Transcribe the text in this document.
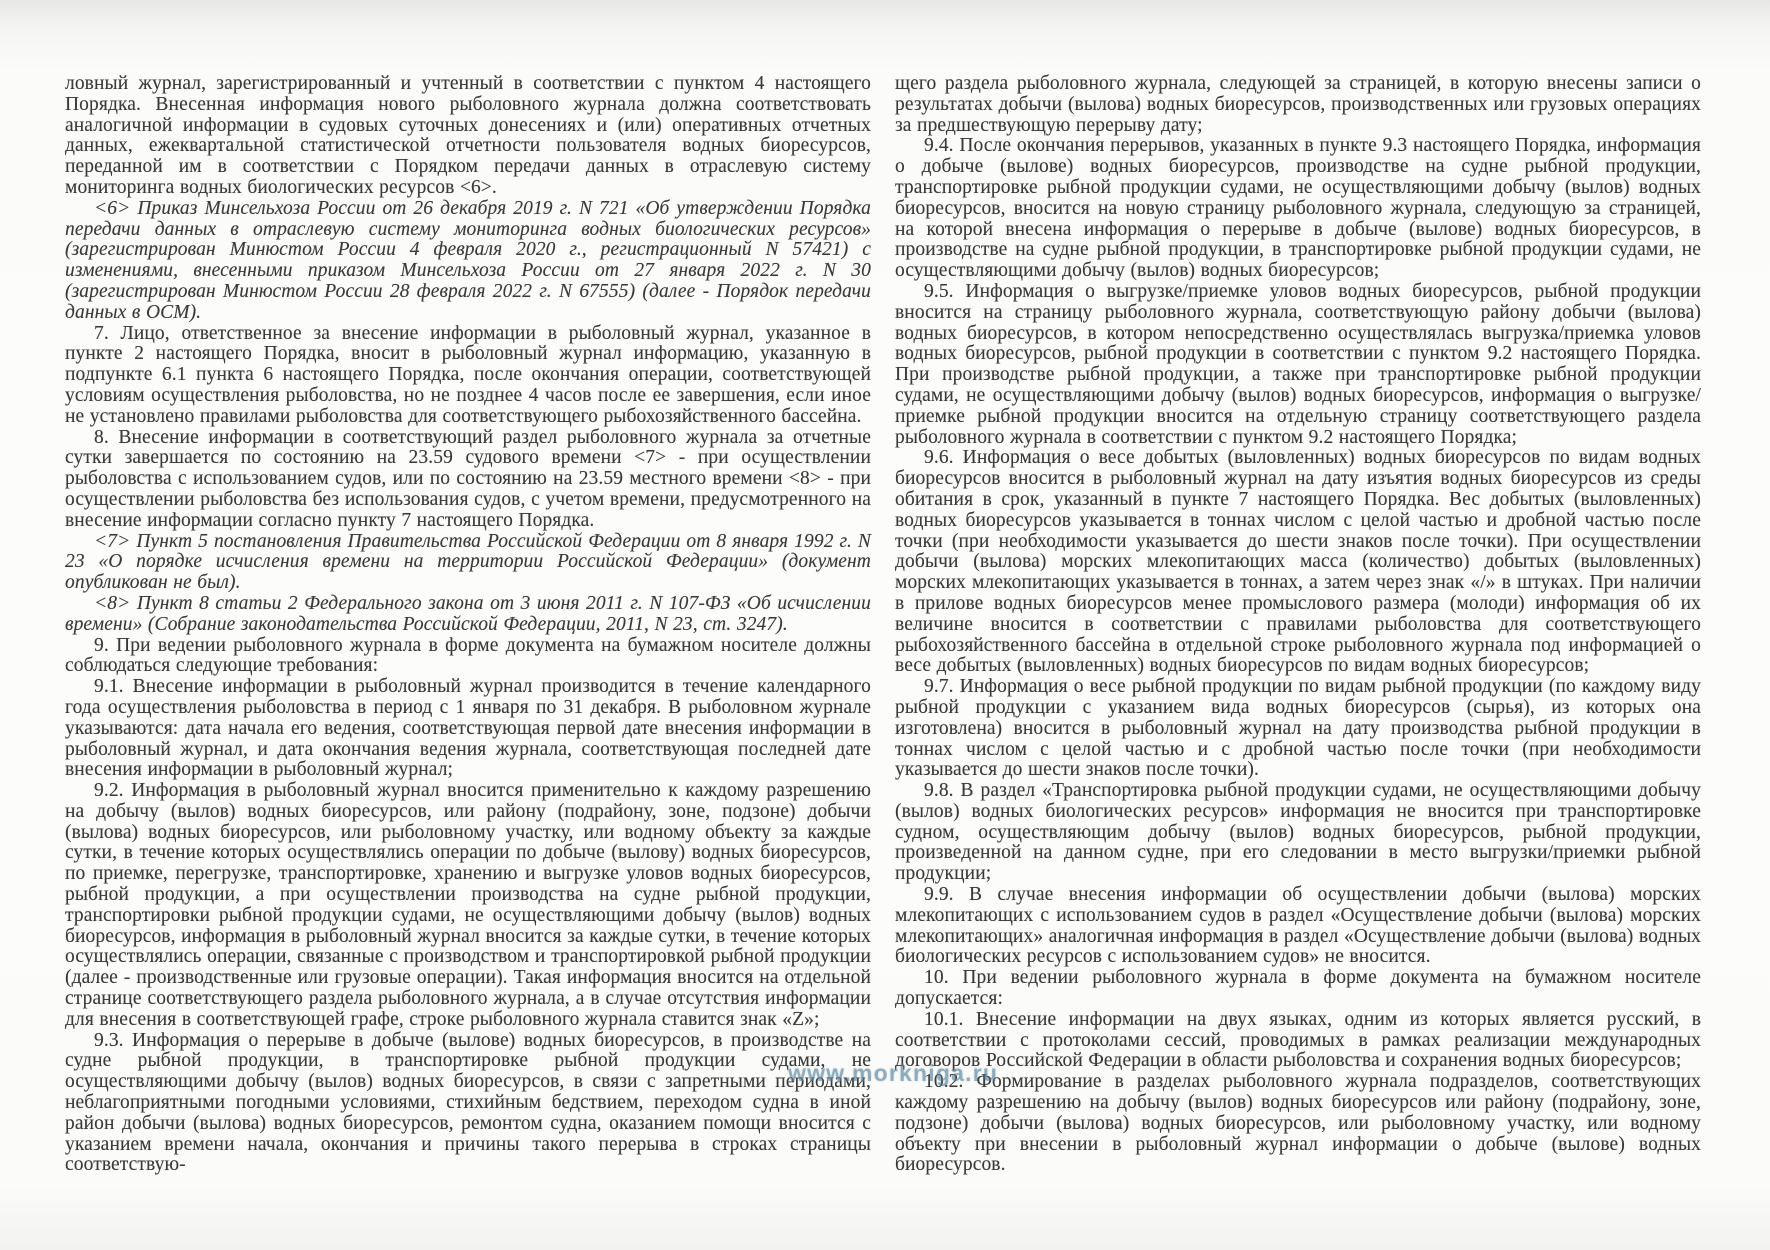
ловный журнал, зарегистрированный и учтенный в соответствии с пунктом 4 настоящего Порядка. Внесенная информация нового рыболовного журнала должна соответствовать аналогичной информации в судовых суточных донесениях и (или) оперативных отчетных данных, ежеквартальной статистической отчетности пользователя водных биоресурсов, переданной им в соответствии с Порядком передачи данных в отраслевую систему мониторинга водных биологических ресурсов <6>.

<6> Приказ Минсельхоза России от 26 декабря 2019 г. N 721 «Об утверждении Порядка передачи данных в отраслевую систему мониторинга водных биологических ресурсов» (зарегистрирован Минюстом России 4 февраля 2020 г., регистрационный N 57421) с изменениями, внесенными приказом Минсельхоза России от 27 января 2022 г. N 30 (зарегистрирован Минюстом России 28 февраля 2022 г. N 67555) (далее - Порядок передачи данных в ОСМ).

7. Лицо, ответственное за внесение информации в рыболовный журнал, указанное в пункте 2 настоящего Порядка, вносит в рыболовный журнал информацию, указанную в подпункте 6.1 пункта 6 настоящего Порядка, после окончания операции, соответствующей условиям осуществления рыболовства, но не позднее 4 часов после ее завершения, если иное не установлено правилами рыболовства для соответствующего рыбохозяйственного бассейна.

8. Внесение информации в соответствующий раздел рыболовного журнала за отчетные сутки завершается по состоянию на 23.59 судового времени <7> - при осуществлении рыболовства с использованием судов, или по состоянию на 23.59 местного времени <8> - при осуществлении рыболовства без использования судов, с учетом времени, предусмотренного на внесение информации согласно пункту 7 настоящего Порядка.

<7> Пункт 5 постановления Правительства Российской Федерации от 8 января 1992 г. N 23 «О порядке исчисления времени на территории Российской Федерации» (документ опубликован не был).

<8> Пункт 8 статьи 2 Федерального закона от 3 июня 2011 г. N 107-ФЗ «Об исчислении времени» (Собрание законодательства Российской Федерации, 2011, N 23, ст. 3247).

9. При ведении рыболовного журнала в форме документа на бумажном носителе должны соблюдаться следующие требования:

9.1. Внесение информации в рыболовный журнал производится в течение календарного года осуществления рыболовства в период с 1 января по 31 декабря. В рыболовном журнале указываются: дата начала его ведения, соответствующая первой дате внесения информации в рыболовный журнал, и дата окончания ведения журнала, соответствующая последней дате внесения информации в рыболовный журнал;

9.2. Информация в рыболовный журнал вносится применительно к каждому разрешению на добычу (вылов) водных биоресурсов, или району (подрайону, зоне, подзоне) добычи (вылова) водных биоресурсов, или рыболовному участку, или водному объекту за каждые сутки, в течение которых осуществлялись операции по добыче (вылову) водных биоресурсов, по приемке, перегрузке, транспортировке, хранению и выгрузке уловов водных биоресурсов, рыбной продукции, а при осуществлении производства на судне рыбной продукции, транспортировки рыбной продукции судами, не осуществляющими добычу (вылов) водных биоресурсов, информация в рыболовный журнал вносится за каждые сутки, в течение которых осуществлялись операции, связанные с производством и транспортировкой рыбной продукции (далее - производственные или грузовые операции). Такая информация вносится на отдельной странице соответствующего раздела рыболовного журнала, а в случае отсутствия информации для внесения в соответствующей графе, строке рыболовного журнала ставится знак «Z»;

9.3. Информация о перерыве в добыче (вылове) водных биоресурсов, в производстве на судне рыбной продукции, в транспортировке рыбной продукции судами, не осуществляющими добычу (вылов) водных биоресурсов, в связи с запретными периодами, неблагоприятными погодными условиями, стихийным бедствием, переходом судна в иной район добычи (вылова) водных биоресурсов, ремонтом судна, оказанием помощи вносится с указанием времени начала, окончания и причины такого перерыва в строках страницы соответствую-

щего раздела рыболовного журнала, следующей за страницей, в которую внесены записи о результатах добычи (вылова) водных биоресурсов, производственных или грузовых операциях за предшествующую перерыву дату;

9.4. После окончания перерывов, указанных в пункте 9.3 настоящего Порядка, информация о добыче (вылове) водных биоресурсов, производстве на судне рыбной продукции, транспортировке рыбной продукции судами, не осуществляющими добычу (вылов) водных биоресурсов, вносится на новую страницу рыболовного журнала, следующую за страницей, на которой внесена информация о перерыве в добыче (вылове) водных биоресурсов, в производстве на судне рыбной продукции, в транспортировке рыбной продукции судами, не осуществляющими добычу (вылов) водных биоресурсов;

9.5. Информация о выгрузке/приемке уловов водных биоресурсов, рыбной продукции вносится на страницу рыболовного журнала, соответствующую району добычи (вылова) водных биоресурсов, в котором непосредственно осуществлялась выгрузка/приемка уловов водных биоресурсов, рыбной продукции в соответствии с пунктом 9.2 настоящего Порядка. При производстве рыбной продукции, а также при транспортировке рыбной продукции судами, не осуществляющими добычу (вылов) водных биоресурсов, информация о выгрузке/приемке рыбной продукции вносится на отдельную страницу соответствующего раздела рыболовного журнала в соответствии с пунктом 9.2 настоящего Порядка;

9.6. Информация о весе добытых (выловленных) водных биоресурсов по видам водных биоресурсов вносится в рыболовный журнал на дату изъятия водных биоресурсов из среды обитания в срок, указанный в пункте 7 настоящего Порядка. Вес добытых (выловленных) водных биоресурсов указывается в тоннах числом с целой частью и дробной частью после точки (при необходимости указывается до шести знаков после точки). При осуществлении добычи (вылова) морских млекопитающих масса (количество) добытых (выловленных) морских млекопитающих указывается в тоннах, а затем через знак «/» в штуках. При наличии в прилове водных биоресурсов менее промыслового размера (молоди) информация об их величине вносится в соответствии с правилами рыболовства для соответствующего рыбохозяйственного бассейна в отдельной строке рыболовного журнала под информацией о весе добытых (выловленных) водных биоресурсов по видам водных биоресурсов;

9.7. Информация о весе рыбной продукции по видам рыбной продукции (по каждому виду рыбной продукции с указанием вида водных биоресурсов (сырья), из которых она изготовлена) вносится в рыболовный журнал на дату производства рыбной продукции в тоннах числом с целой частью и с дробной частью после точки (при необходимости указывается до шести знаков после точки).

9.8. В раздел «Транспортировка рыбной продукции судами, не осуществляющими добычу (вылов) водных биологических ресурсов» информация не вносится при транспортировке судном, осуществляющим добычу (вылов) водных биоресурсов, рыбной продукции, произведенной на данном судне, при его следовании в место выгрузки/приемки рыбной продукции;

9.9. В случае внесения информации об осуществлении добычи (вылова) морских млекопитающих с использованием судов в раздел «Осуществление добычи (вылова) морских млекопитающих» аналогичная информация в раздел «Осуществление добычи (вылова) водных биологических ресурсов с использованием судов» не вносится.

10. При ведении рыболовного журнала в форме документа на бумажном носителе допускается:

10.1. Внесение информации на двух языках, одним из которых является русский, в соответствии с протоколами сессий, проводимых в рамках реализации международных договоров Российской Федерации в области рыболовства и сохранения водных биоресурсов;

10.2. Формирование в разделах рыболовного журнала подразделов, соответствующих каждому разрешению на добычу (вылов) водных биоресурсов или району (подрайону, зоне, подзоне) добычи (вылова) водных биоресурсов, или рыболовному участку, или водному объекту при внесении в рыболовный журнал информации о добыче (вылове) водных биоресурсов.

www.morkniga.ru
